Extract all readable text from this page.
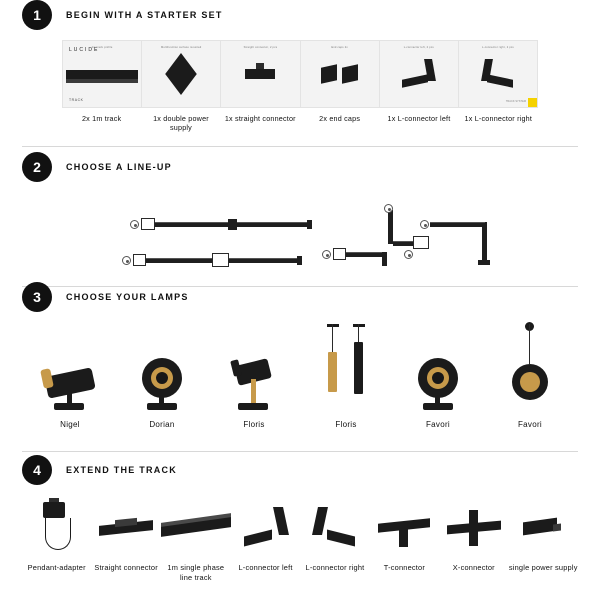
1	BEGIN WITH A STARTER SET
LUCIDE
TRACK	TRACK SYSTEM
1m track profile	Multifunction surface mounted	Straight connector, 2 pcs	End caps 2x	L-connector left, 2 pcs	L-connector right, 2 pcs
2x 1m track	1x double power supply
1x straight connector	2x end caps	1x L-connector left	1x L-connector right
2	CHOOSE A LINE-UP
3	CHOOSE YOUR LAMPS
Nigel	Dorian	Floris	Floris	Favori	Favori
4	EXTEND THE TRACK
Pendant-adapter Straight connector	1m single phase line track
L-connector left L-connector right	T-connector	X-connector single power supply
